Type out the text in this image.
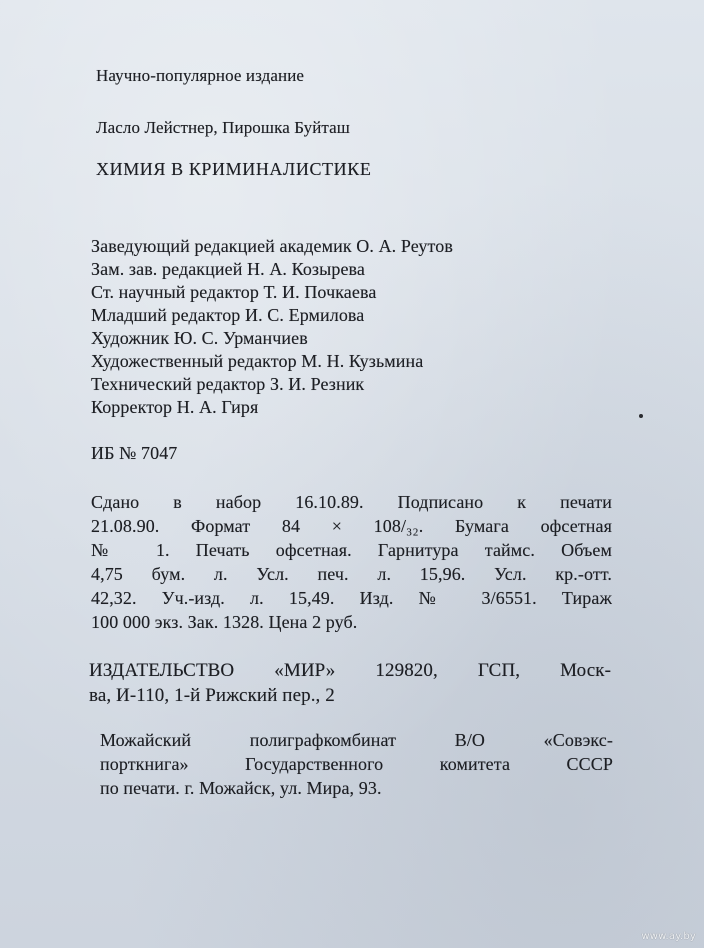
Научно-популярное издание
Ласло Лейстнер, Пирошка Буйташ
ХИМИЯ В КРИМИНАЛИСТИКЕ
Заведующий редакцией академик О. А. Реутов
Зам. зав. редакцией Н. А. Козырева
Ст. научный редактор Т. И. Почкаева
Младший редактор И. С. Ермилова
Художник Ю. С. Урманчиев
Художественный редактор М. Н. Кузьмина
Технический редактор З. И. Резник
Корректор Н. А. Гиря
ИБ № 7047
Сдано в набор 16.10.89. Подписано к печати
21.08.90. Формат 84 × 108/₃₂. Бумага офсетная
№ 1. Печать офсетная. Гарнитура таймс. Объем
4,75 бум. л. Усл. печ. л. 15,96. Усл. кр.-отт.
42,32. Уч.-изд. л. 15,49. Изд. № 3/6551. Тираж
100 000 экз. Зак. 1328. Цена 2 руб.
ИЗДАТЕЛЬСТВО «МИР» 129820, ГСП, Моск-
ва, И-110, 1-й Рижский пер., 2
Можайский полиграфкомбинат В/О «Совэкс-
порткнига» Государственного комитета СССР
по печати. г. Можайск, ул. Мира, 93.
www.ay.by
